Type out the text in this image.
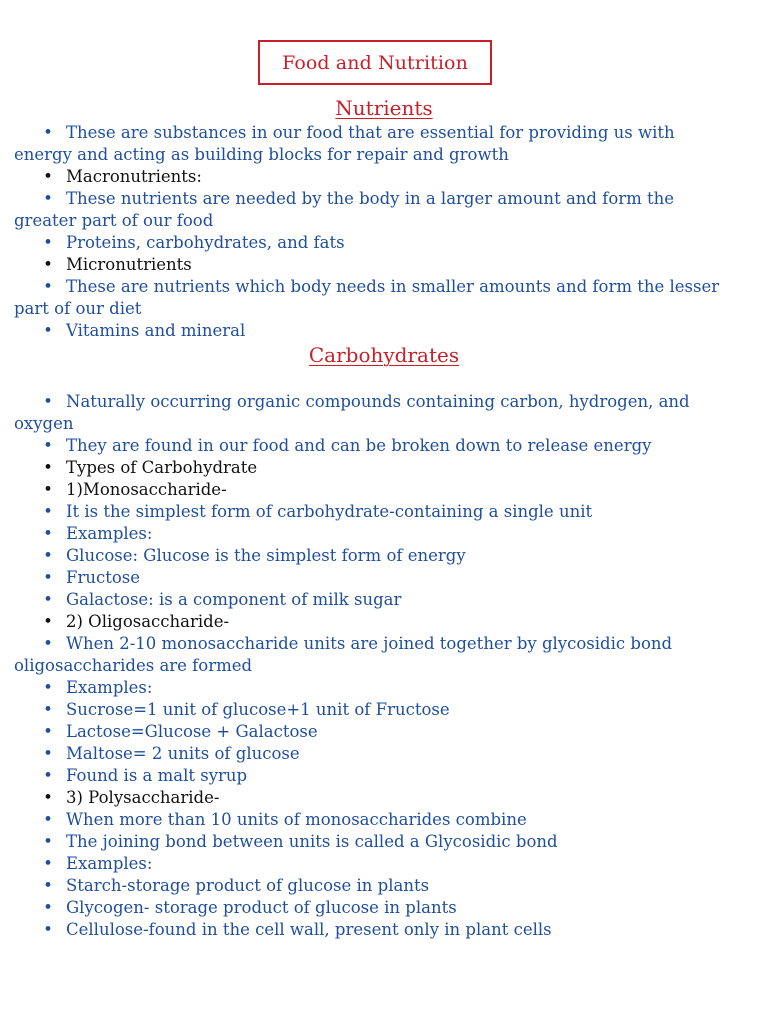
Food and Nutrition
Nutrients
• These are substances in our food that are essential for providing us with
energy and acting as building blocks for repair and growth
• Macronutrients:
• These nutrients are needed by the body in a larger amount and form the
greater part of our food
• Proteins, carbohydrates, and fats
• Micronutrients
• These are nutrients which body needs in smaller amounts and form the lesser
part of our diet
• Vitamins and mineral
Carbohydrates
• Naturally occurring organic compounds containing carbon, hydrogen, and
oxygen
• They are found in our food and can be broken down to release energy
• Types of Carbohydrate
• 1)Monosaccharide-
• It is the simplest form of carbohydrate-containing a single unit
• Examples:
• Glucose: Glucose is the simplest form of energy
• Fructose
• Galactose: is a component of milk sugar
• 2) Oligosaccharide-
• When 2-10 monosaccharide units are joined together by glycosidic bond
oligosaccharides are formed
• Examples:
• Sucrose=1 unit of glucose+1 unit of Fructose
• Lactose=Glucose + Galactose
• Maltose= 2 units of glucose
• Found is a malt syrup
• 3) Polysaccharide-
• When more than 10 units of monosaccharides combine
• The joining bond between units is called a Glycosidic bond
• Examples:
• Starch-storage product of glucose in plants
• Glycogen- storage product of glucose in plants
• Cellulose-found in the cell wall, present only in plant cells
